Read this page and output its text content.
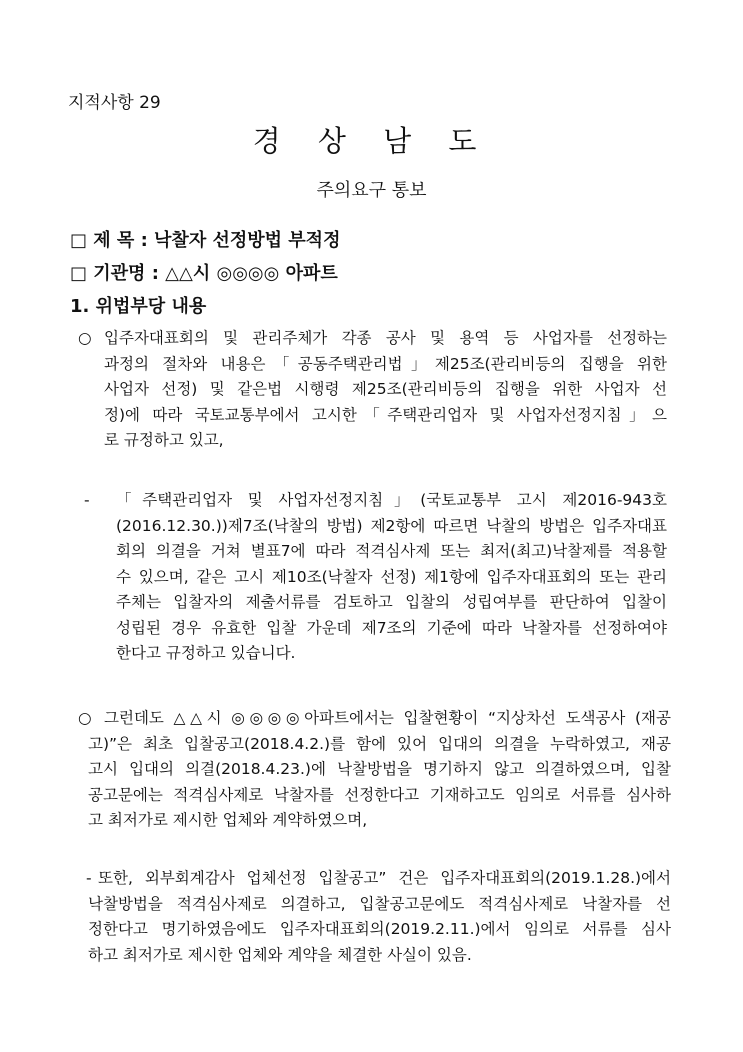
지적사항 29
경 상 남 도
주의요구 통보
□ 제 목 : 낙찰자 선정방법 부적정
□ 기관명 : △△시 ◎◎◎◎ 아파트
1. 위법부당 내용
○ 입주자대표회의 및 관리주체가 각종 공사 및 용역 등 사업자를 선정하는
과정의 절차와 내용은「공동주택관리법」제25조(관리비등의 집행을 위한
사업자 선정) 및 같은법 시행령 제25조(관리비등의 집행을 위한 사업자 선
정)에 따라 국토교통부에서 고시한「주택관리업자 및 사업자선정지침」으
로 규정하고 있고,
- 「주택관리업자 및 사업자선정지침」(국토교통부 고시 제2016-943호
(2016.12.30.))제7조(낙찰의 방법) 제2항에 따르면 낙찰의 방법은 입주자대표
회의 의결을 거쳐 별표7에 따라 적격심사제 또는 최저(최고)낙찰제를 적용할
수 있으며, 같은 고시 제10조(낙찰자 선정) 제1항에 입주자대표회의 또는 관리
주체는 입찰자의 제출서류를 검토하고 입찰의 성립여부를 판단하여 입찰이
성립된 경우 유효한 입찰 가운데 제7조의 기준에 따라 낙찰자를 선정하여야
한다고 규정하고 있습니다.
○ 그런데도 △△시 ◎◎◎◎아파트에서는 입찰현황이 “지상차선 도색공사 (재공
고)”은 최초 입찰공고(2018.4.2.)를 함에 있어 입대의 의결을 누락하였고, 재공
고시 입대의 의결(2018.4.23.)에 낙찰방법을 명기하지 않고 의결하였으며, 입찰
공고문에는 적격심사제로 낙찰자를 선정한다고 기재하고도 임의로 서류를 심사하
고 최저가로 제시한 업체와 계약하였으며,
- 또한, 외부회계감사 업체선정 입찰공고” 건은 입주자대표회의(2019.1.28.)에서
낙찰방법을 적격심사제로 의결하고, 입찰공고문에도 적격심사제로 낙찰자를 선
정한다고 명기하였음에도 입주자대표회의(2019.2.11.)에서 임의로 서류를 심사
하고 최저가로 제시한 업체와 계약을 체결한 사실이 있음.
